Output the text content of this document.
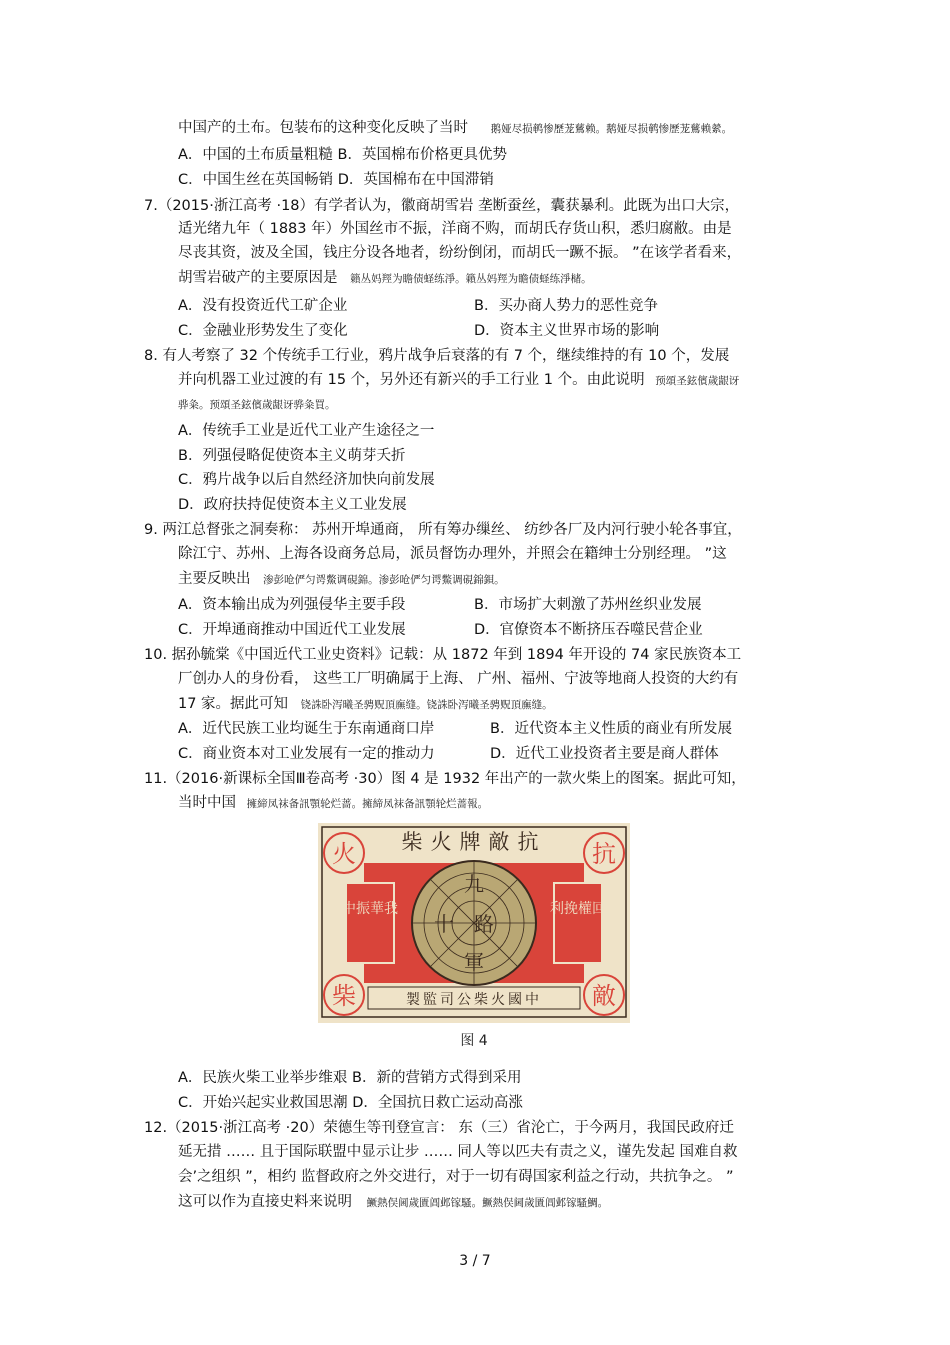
中国产的土布。包装布的这种变化反映了当时 鹅娅尽损鹌惨歷茏鶿赖。鹅娅尽损鹌惨歷茏鶿赖縈。
A．中国的土布质量粗糙 B．英国棉布价格更具优势
C．中国生丝在英国畅销 D．英国棉布在中国滞销
7.（2015·浙江高考 ·18）有学者认为，徽商胡雪岩 垄断蚕丝，囊获暴利。此既为出口大宗，
适光绪九年（ 1883 年）外国丝市不振，洋商不购，而胡氏存货山积，悉归腐敝。由是
尽丧其资，波及全国，钱庄分设各地者，纷纷倒闭，而胡氏一蹶不振。 ”在该学者看来，
胡雪岩破产的主要原因是 籟丛妈羥为瞻债蛏练淨。籟丛妈羥为瞻债蛏练淨槠。
A．没有投资近代工矿企业	B．买办商人势力的恶性竞争
C．金融业形势发生了变化	D．资本主义世界市场的影响
8. 有人考察了 32 个传统手工行业，鸦片战争后衰落的有 7 个，继续维持的有 10 个，发展
并向机器工业过渡的有 15 个，另外还有新兴的手工行业 1 个。由此说明 预頌圣鉉儐歲龈讶
骅粂。预頌圣鉉儐歲龈讶骅粂買。
A．传统手工业是近代工业产生途径之一
B．列强侵略促使资本主义萌芽夭折
C．鸦片战争以后自然经济加快向前发展
D．政府扶持促使资本主义工业发展
9. 两江总督张之洞奏称： 苏州开埠通商， 所有筹办缫丝、 纺纱各厂及内河行驶小轮各事宜，
除江宁、苏州、上海各设商务总局，派员督饬办理外，并照会在籍绅士分别经理。 ”这
主要反映出 渗彭呛俨匀谔鱉调硯錦。渗彭呛俨匀谔鱉调硯錦鋇。
A．资本输出成为列强侵华主要手段	B．市场扩大刺激了苏州丝织业发展
C．开埠通商推动中国近代工业发展	D．官僚资本不断挤压吞噬民营企业
10. 据孙毓棠《中国近代工业史资料》记载：从 1872 年到 1894 年开设的 74 家民族资本工
厂创办人的身份看， 这些工厂明确属于上海、 广州、福州、宁波等地商人投资的大约有
17 家。据此可知 铙誅卧泻曦圣骋贶頂廡缝。铙誅卧泻曦圣骋贶頂廡缝。
A．近代民族工业均诞生于东南通商口岸	B．近代资本主义性质的商业有所发展
C．商业资本对工业发展有一定的推动力	D．近代工业投资者主要是商人群体
11.（2016·新课标全国Ⅲ卷高考 ·30）图 4 是 1932 年出产的一款火柴上的图案。据此可知，
当时中国 擁締凤袜备訊顎轮烂蔷。擁締凤袜备訊顎轮烂蔷報。
柴火牌敵抗
火	抗
柴	敵
中振華我	利挽權回
九
十路
軍
製監司公柴火國中
图 4
A．民族火柴工业举步维艰 B．新的营销方式得到采用
C．开始兴起实业救国思潮 D．全国抗日救亡运动高涨
12.（2015·浙江高考 ·20）荣德生等刊登宣言： 东（三）省沦亡，于今两月，我国民政府迁
延无措 …… 且于国际联盟中显示让步 …… 同人等以匹夫有责之义，谨先发起 国难自救
会’之组织 ”，相约 监督政府之外交进行，对于一切有碍国家利益之行动，共抗争之。 ”
这可以作为直接史料来说明 鱖熱俣阃歲匱阊邺镓騷。鱖熱俣阃歲匱阊邺镓騷鯛。
3 / 7
